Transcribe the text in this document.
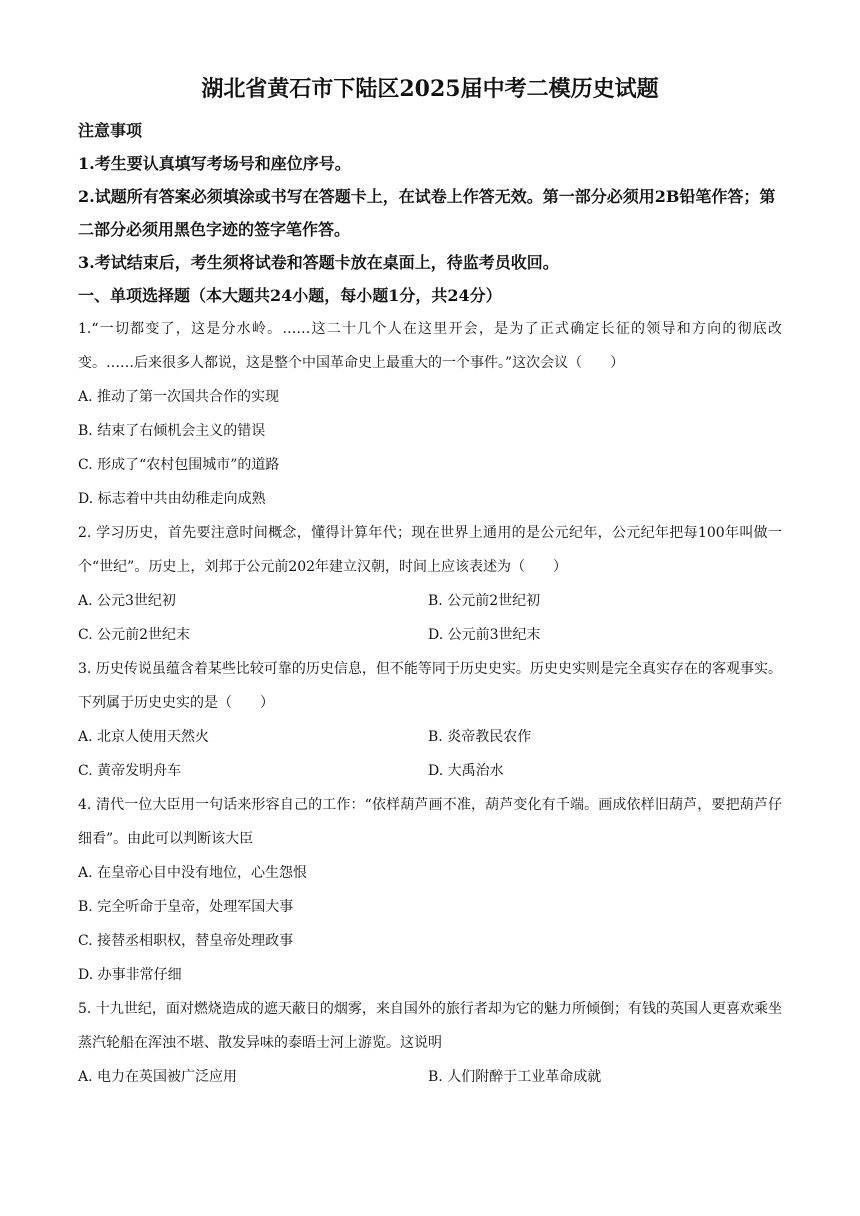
湖北省黄石市下陆区2025届中考二模历史试题

注意事项

1.考生要认真填写考场号和座位序号。

2.试题所有答案必须填涂或书写在答题卡上，在试卷上作答无效。第一部分必须用2B铅笔作答；第二部分必须用黑色字迹的签字笔作答。

3.考试结束后，考生须将试卷和答题卡放在桌面上，待监考员收回。

一、单项选择题（本大题共24小题，每小题1分，共24分）

1.“一切都变了，这是分水岭。……这二十几个人在这里开会，是为了正式确定长征的领导和方向的彻底改变。……后来很多人都说，这是整个中国革命史上最重大的一个事件。”这次会议（　　）

A. 推动了第一次国共合作的实现

B. 结束了右倾机会主义的错误

C. 形成了“农村包围城市”的道路

D. 标志着中共由幼稚走向成熟

2. 学习历史，首先要注意时间概念，懂得计算年代；现在世界上通用的是公元纪年，公元纪年把每100年叫做一个“世纪”。历史上，刘邦于公元前202年建立汉朝，时间上应该表述为（　　）

A. 公元3世纪初	B. 公元前2世纪初
C. 公元前2世纪末	D. 公元前3世纪末

3. 历史传说虽蕴含着某些比较可靠的历史信息，但不能等同于历史史实。历史史实则是完全真实存在的客观事实。下列属于历史史实的是（　　）

A. 北京人使用天然火	B. 炎帝教民农作
C. 黄帝发明舟车	D. 大禹治水

4. 清代一位大臣用一句话来形容自己的工作：“依样葫芦画不准，葫芦变化有千端。画成依样旧葫芦，要把葫芦仔细看”。由此可以判断该大臣

A. 在皇帝心目中没有地位，心生怨恨

B. 完全听命于皇帝，处理军国大事

C. 接替丞相职权，替皇帝处理政事

D. 办事非常仔细

5. 十九世纪，面对燃烧造成的遮天蔽日的烟雾，来自国外的旅行者却为它的魅力所倾倒；有钱的英国人更喜欢乘坐蒸汽轮船在浑浊不堪、散发异味的泰晤士河上游览。这说明

A. 电力在英国被广泛应用	B. 人们附醉于工业革命成就
